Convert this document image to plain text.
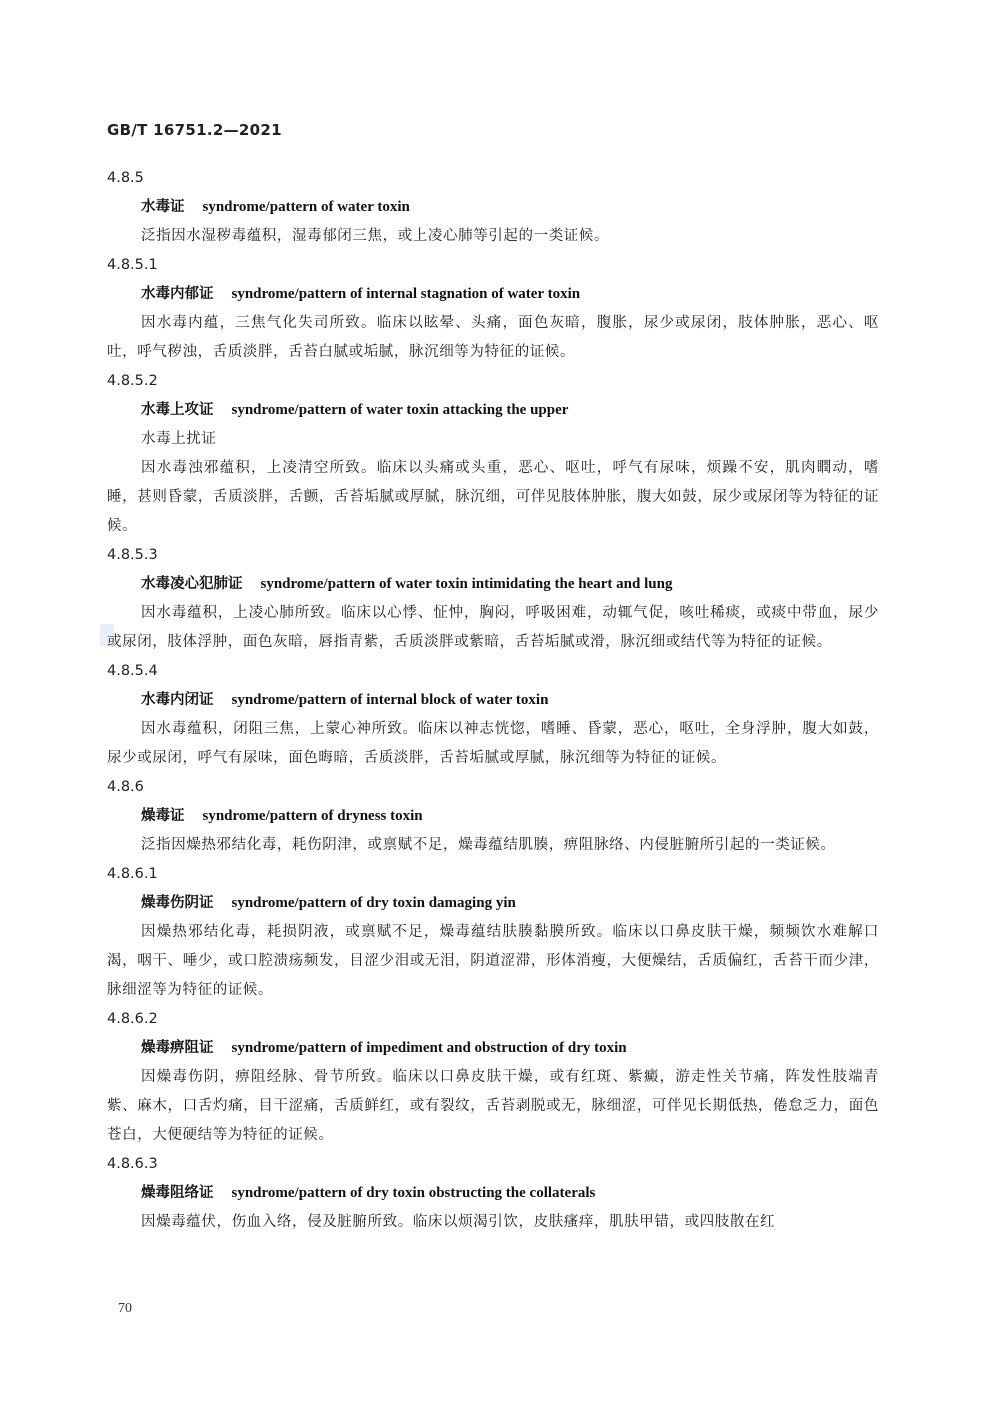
GB/T 16751.2—2021
4.8.5
水毒证 syndrome/pattern of water toxin
泛指因水湿秽毒蕴积，湿毒郁闭三焦，或上凌心肺等引起的一类证候。
4.8.5.1
水毒内郁证 syndrome/pattern of internal stagnation of water toxin
因水毒内蕴，三焦气化失司所致。临床以眩晕、头痛，面色灰暗，腹胀，尿少或尿闭，肢体肿胀，恶心、呕吐，呼气秽浊，舌质淡胖，舌苔白腻或垢腻，脉沉细等为特征的证候。
4.8.5.2
水毒上攻证 syndrome/pattern of water toxin attacking the upper
水毒上扰证
因水毒浊邪蕴积，上凌清空所致。临床以头痛或头重，恶心、呕吐，呼气有尿味，烦躁不安，肌肉瞤动，嗜睡，甚则昏蒙，舌质淡胖，舌颤，舌苔垢腻或厚腻，脉沉细，可伴见肢体肿胀，腹大如鼓，尿少或尿闭等为特征的证候。
4.8.5.3
水毒凌心犯肺证 syndrome/pattern of water toxin intimidating the heart and lung
因水毒蕴积，上凌心肺所致。临床以心悸、怔忡，胸闷，呼吸困难，动辄气促，咳吐稀痰，或痰中带血，尿少或尿闭，肢体浮肿，面色灰暗，唇指青紫，舌质淡胖或紫暗，舌苔垢腻或滑，脉沉细或结代等为特征的证候。
4.8.5.4
水毒内闭证 syndrome/pattern of internal block of water toxin
因水毒蕴积，闭阻三焦，上蒙心神所致。临床以神志恍惚，嗜睡、昏蒙，恶心，呕吐，全身浮肿，腹大如鼓，尿少或尿闭，呼气有尿味，面色晦暗，舌质淡胖，舌苔垢腻或厚腻，脉沉细等为特征的证候。
4.8.6
燥毒证 syndrome/pattern of dryness toxin
泛指因燥热邪结化毒，耗伤阴津，或禀赋不足，燥毒蕴结肌腠，痹阻脉络、内侵脏腑所引起的一类证候。
4.8.6.1
燥毒伤阴证 syndrome/pattern of dry toxin damaging yin
因燥热邪结化毒，耗损阴液，或禀赋不足，燥毒蕴结肤腠黏膜所致。临床以口鼻皮肤干燥，频频饮水难解口渴，咽干、唾少，或口腔溃疡频发，目涩少泪或无泪，阴道涩滞，形体消瘦，大便燥结，舌质偏红，舌苔干而少津，脉细涩等为特征的证候。
4.8.6.2
燥毒痹阻证 syndrome/pattern of impediment and obstruction of dry toxin
因燥毒伤阴，痹阻经脉、骨节所致。临床以口鼻皮肤干燥，或有红斑、紫癜，游走性关节痛，阵发性肢端青紫、麻木，口舌灼痛，目干涩痛，舌质鲜红，或有裂纹，舌苔剥脱或无，脉细涩，可伴见长期低热，倦怠乏力，面色苍白，大便硬结等为特征的证候。
4.8.6.3
燥毒阻络证 syndrome/pattern of dry toxin obstructing the collaterals
因燥毒蕴伏，伤血入络，侵及脏腑所致。临床以烦渴引饮，皮肤瘙痒，肌肤甲错，或四肢散在红
70
